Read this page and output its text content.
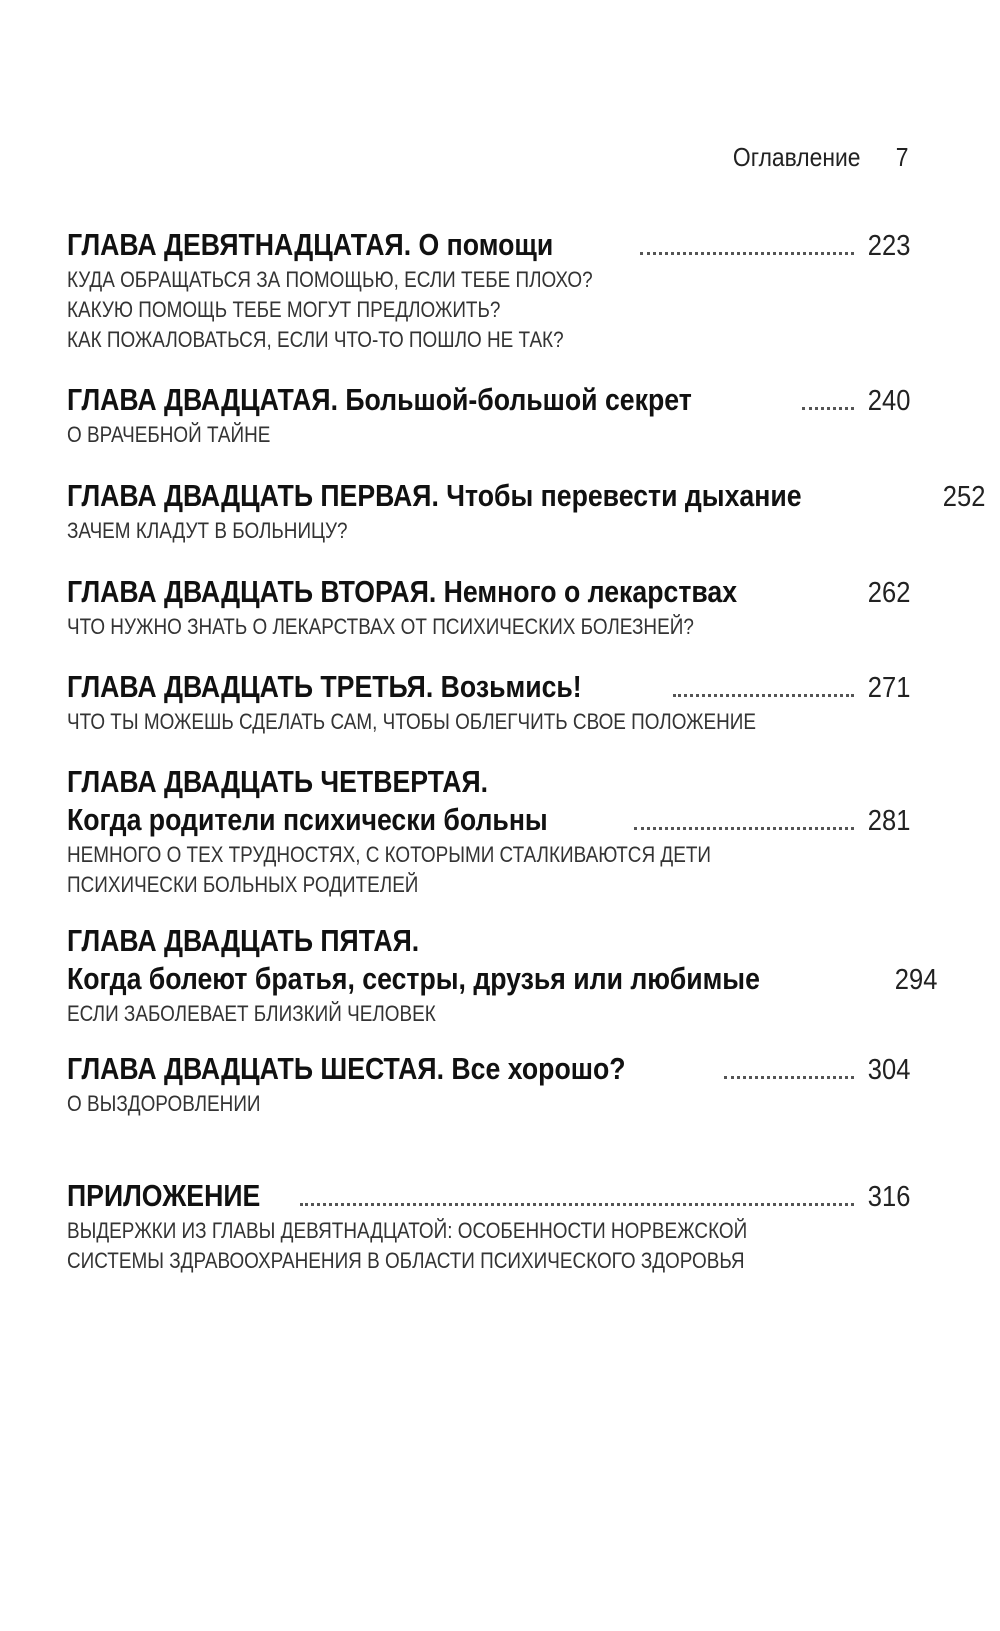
Оглавление 7
ГЛАВА ДЕВЯТНАДЦАТАЯ. О помощи	223
КУДА ОБРАЩАТЬСЯ ЗА ПОМОЩЬЮ, ЕСЛИ ТЕБЕ ПЛОХО?
КАКУЮ ПОМОЩЬ ТЕБЕ МОГУТ ПРЕДЛОЖИТЬ?
КАК ПОЖАЛОВАТЬСЯ, ЕСЛИ ЧТО-ТО ПОШЛО НЕ ТАК?
ГЛАВА ДВАДЦАТАЯ. Большой-большой секрет	240
О ВРАЧЕБНОЙ ТАЙНЕ
ГЛАВА ДВАДЦАТЬ ПЕРВАЯ. Чтобы перевести дыхание	252
ЗАЧЕМ КЛАДУТ В БОЛЬНИЦУ?
ГЛАВА ДВАДЦАТЬ ВТОРАЯ. Немного о лекарствах	262
ЧТО НУЖНО ЗНАТЬ О ЛЕКАРСТВАХ ОТ ПСИХИЧЕСКИХ БОЛЕЗНЕЙ?
ГЛАВА ДВАДЦАТЬ ТРЕТЬЯ. Возьмись!	271
ЧТО ТЫ МОЖЕШЬ СДЕЛАТЬ САМ, ЧТОБЫ ОБЛЕГЧИТЬ СВОЕ ПОЛОЖЕНИЕ
ГЛАВА ДВАДЦАТЬ ЧЕТВЕРТАЯ.
Когда родители психически больны	281
НЕМНОГО О ТЕХ ТРУДНОСТЯХ, С КОТОРЫМИ СТАЛКИВАЮТСЯ ДЕТИ
ПСИХИЧЕСКИ БОЛЬНЫХ РОДИТЕЛЕЙ
ГЛАВА ДВАДЦАТЬ ПЯТАЯ.
Когда болеют братья, сестры, друзья или любимые	294
ЕСЛИ ЗАБОЛЕВАЕТ БЛИЗКИЙ ЧЕЛОВЕК
ГЛАВА ДВАДЦАТЬ ШЕСТАЯ. Все хорошо?	304
О ВЫЗДОРОВЛЕНИИ
ПРИЛОЖЕНИЕ	316
ВЫДЕРЖКИ ИЗ ГЛАВЫ ДЕВЯТНАДЦАТОЙ: ОСОБЕННОСТИ НОРВЕЖСКОЙ
СИСТЕМЫ ЗДРАВООХРАНЕНИЯ В ОБЛАСТИ ПСИХИЧЕСКОГО ЗДОРОВЬЯ
